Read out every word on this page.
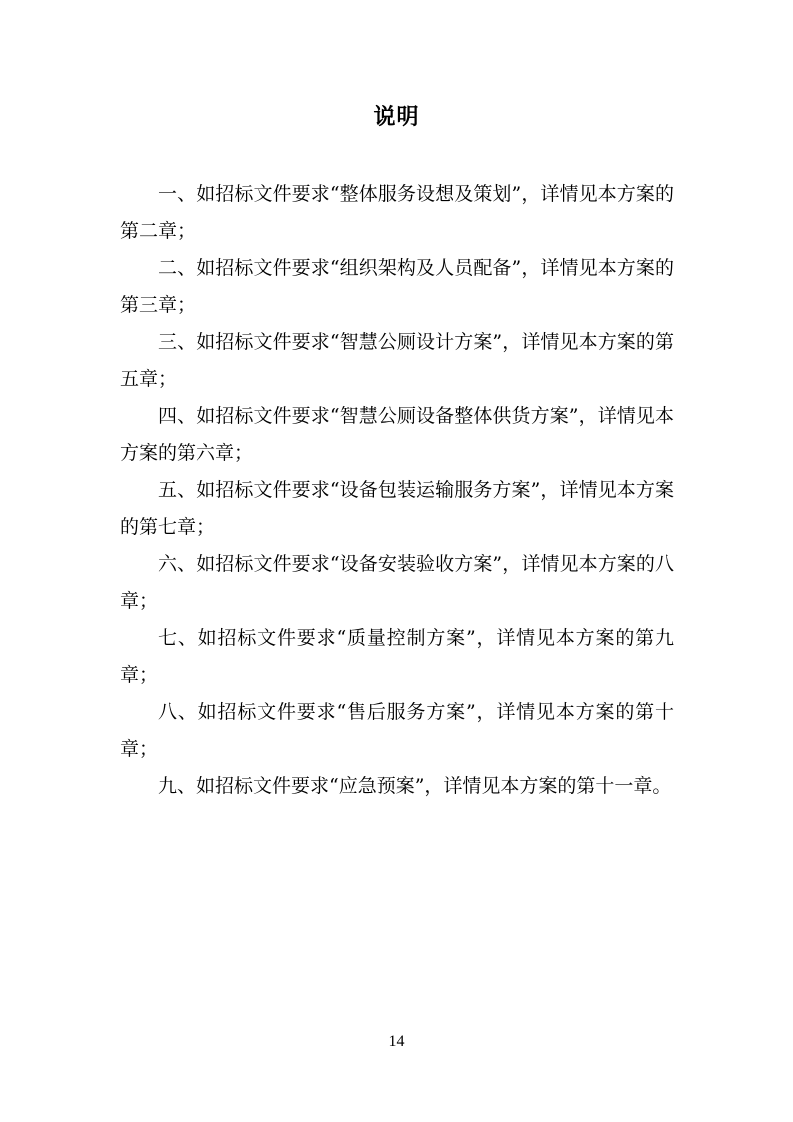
说明

一、如招标文件要求“整体服务设想及策划”，详情见本方案的第二章；

二、如招标文件要求“组织架构及人员配备”，详情见本方案的第三章；

三、如招标文件要求“智慧公厕设计方案”，详情见本方案的第五章；

四、如招标文件要求“智慧公厕设备整体供货方案”，详情见本方案的第六章；

五、如招标文件要求“设备包装运输服务方案”，详情见本方案的第七章；

六、如招标文件要求“设备安装验收方案”，详情见本方案的八章；

七、如招标文件要求“质量控制方案”，详情见本方案的第九章；

八、如招标文件要求“售后服务方案”，详情见本方案的第十章；

九、如招标文件要求“应急预案”，详情见本方案的第十一章。

14
